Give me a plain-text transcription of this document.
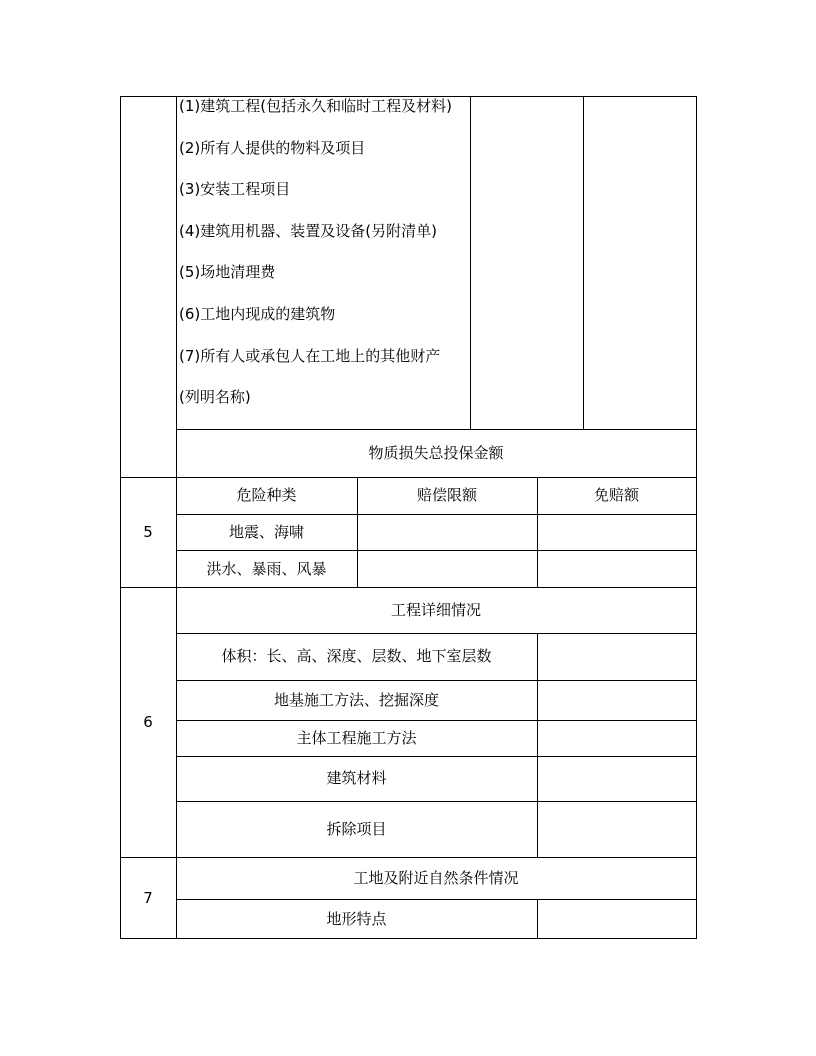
(1)建筑工程(包括永久和临时工程及材料)
(2)所有人提供的物料及项目
(3)安装工程项目
(4)建筑用机器、装置及设备(另附清单)
(5)场地清理费
(6)工地内现成的建筑物
(7)所有人或承包人在工地上的其他财产
(列明名称)
物质损失总投保金额
5
危险种类	赔偿限额	免赔额
地震、海啸
洪水、暴雨、风暴
6
工程详细情况
体积：长、高、深度、层数、地下室层数
地基施工方法、挖掘深度
主体工程施工方法
建筑材料
拆除项目
7
工地及附近自然条件情况
地形特点
